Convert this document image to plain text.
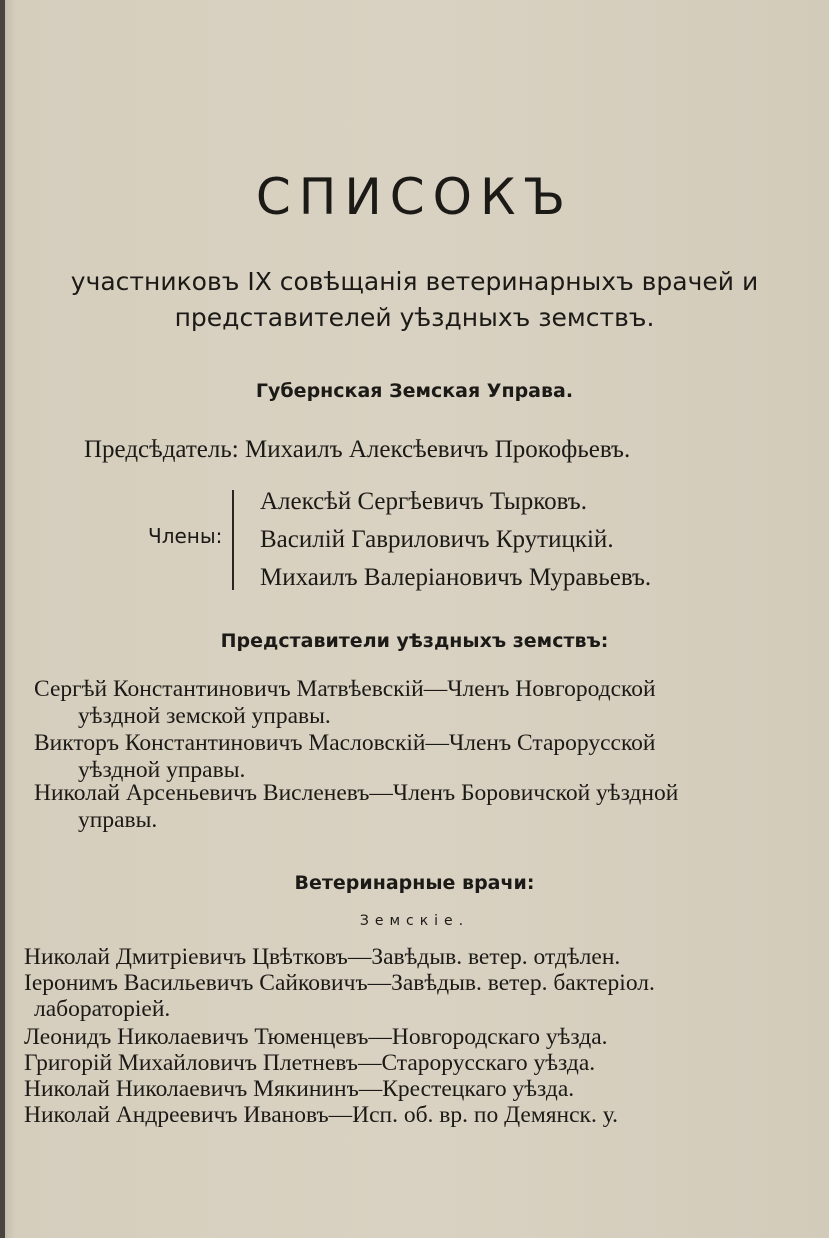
СПИСОКЪ
участниковъ IX совѣщанія ветеринарныхъ врачей и
представителей уѣздныхъ земствъ.
Губернская Земская Управа.
Предсѣдатель: Михаилъ Алексѣевичъ Прокофьевъ.
Члены:
Алексѣй Сергѣевичъ Тырковъ.
Василій Гавриловичъ Крутицкій.
Михаилъ Валеріановичъ Муравьевъ.
Представители уѣздныхъ земствъ:
Сергѣй Константиновичъ Матвѣевскій—Членъ Новгородской
уѣздной земской управы.
Викторъ Константиновичъ Масловскій—Членъ Старорусской
уѣздной управы.
Николай Арсеньевичъ Висленевъ—Членъ Боровичской уѣздной
управы.
Ветеринарные врачи:
Земскіе.
Николай Дмитріевичъ Цвѣтковъ—Завѣдыв. ветер. отдѣлен.
Іеронимъ Васильевичъ Сайковичъ—Завѣдыв. ветер. бактеріол.
лабораторіей.
Леонидъ Николаевичъ Тюменцевъ—Новгородскаго уѣзда.
Григорій Михайловичъ Плетневъ—Старорусскаго уѣзда.
Николай Николаевичъ Мякининъ—Крестецкаго уѣзда.
Николай Андреевичъ Ивановъ—Исп. об. вр. по Демянск. у.
